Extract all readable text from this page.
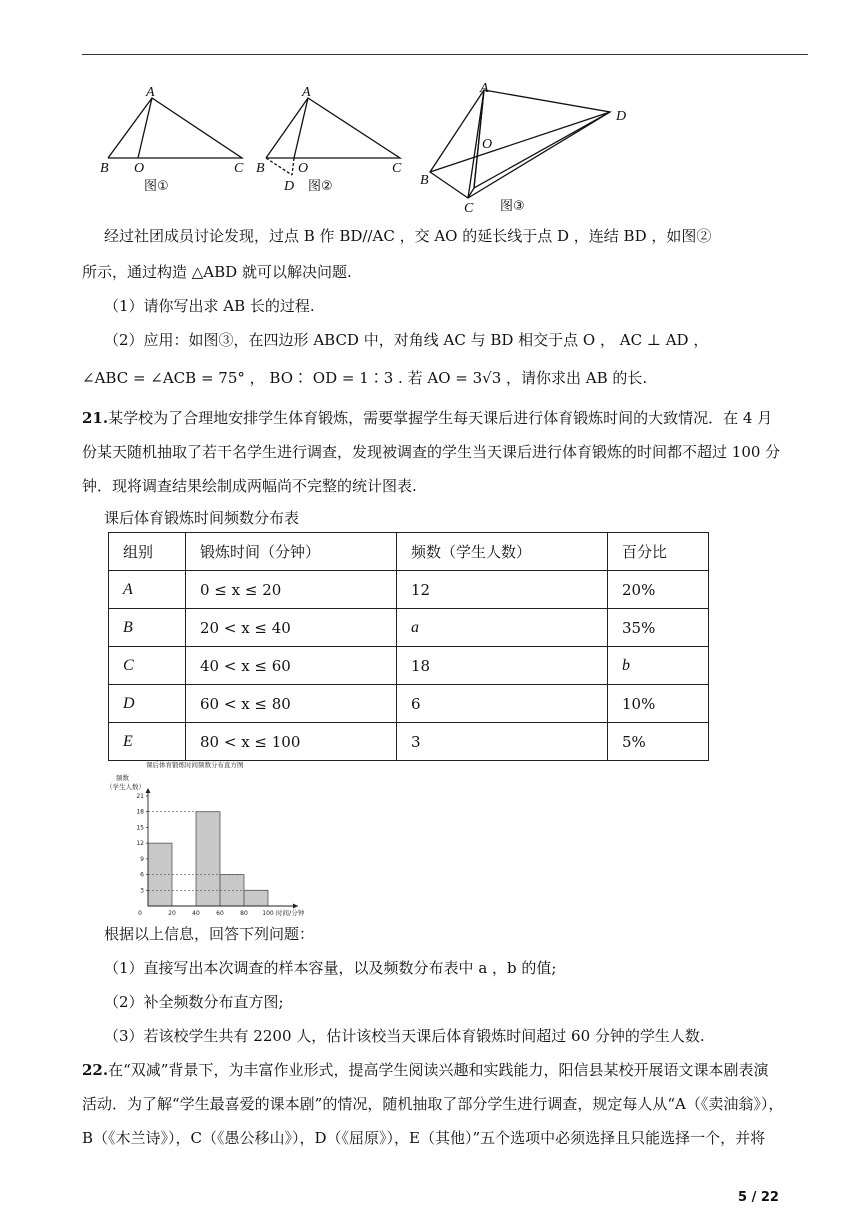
A
B O	C
A
B O	C
D
A
O
D
B
C
图①	图②
图③
经过社团成员讨论发现，过点 B 作 BD//AC ，交 AO 的延长线于点 D ，连结 BD ，如图②
所示，通过构造 △ABD 就可以解决问题.
（1）请你写出求 AB 长的过程.
（2）应用：如图③，在四边形 ABCD 中，对角线 AC 与 BD 相交于点 O ， AC ⊥ AD ，
∠ABC = ∠ACB = 75° ， BO∶ OD = 1∶3 . 若 AO = 3√3 ，请你求出 AB 的长.
21.某学校为了合理地安排学生体育锻炼，需要掌握学生每天课后进行体育锻炼时间的大致情况．在 4 月
份某天随机抽取了若干名学生进行调查，发现被调查的学生当天课后进行体育锻炼的时间都不超过 100 分
钟．现将调查结果绘制成两幅尚不完整的统计图表.
课后体育锻炼时间频数分布表
组别	锻炼时间（分钟）	频数（学生人数）	百分比
A	0 ≤ x ≤ 20	12	20%
B	20 < x ≤ 40	a	35%
C	40 < x ≤ 60	18	b
D	60 < x ≤ 80	6	10%
E	80 < x ≤ 100	3	5%
课后体育锻炼时间频数分布直方图
频数
（学生人数）
3
6
9
12
15
18
21
0	20	40	60	80 100 时间/分钟
根据以上信息，回答下列问题：
（1）直接写出本次调查的样本容量，以及频数分布表中 a ，b 的值;
（2）补全频数分布直方图;
（3）若该校学生共有 2200 人，估计该校当天课后体育锻炼时间超过 60 分钟的学生人数.
22.在“双减”背景下，为丰富作业形式，提高学生阅读兴趣和实践能力，阳信县某校开展语文课本剧表演
活动．为了解“学生最喜爱的课本剧”的情况，随机抽取了部分学生进行调查，规定每人从“A（《卖油翁》），
B（《木兰诗》），C（《愚公移山》），D（《屈原》），E（其他）”五个选项中必须选择且只能选择一个，并将
5 / 22
